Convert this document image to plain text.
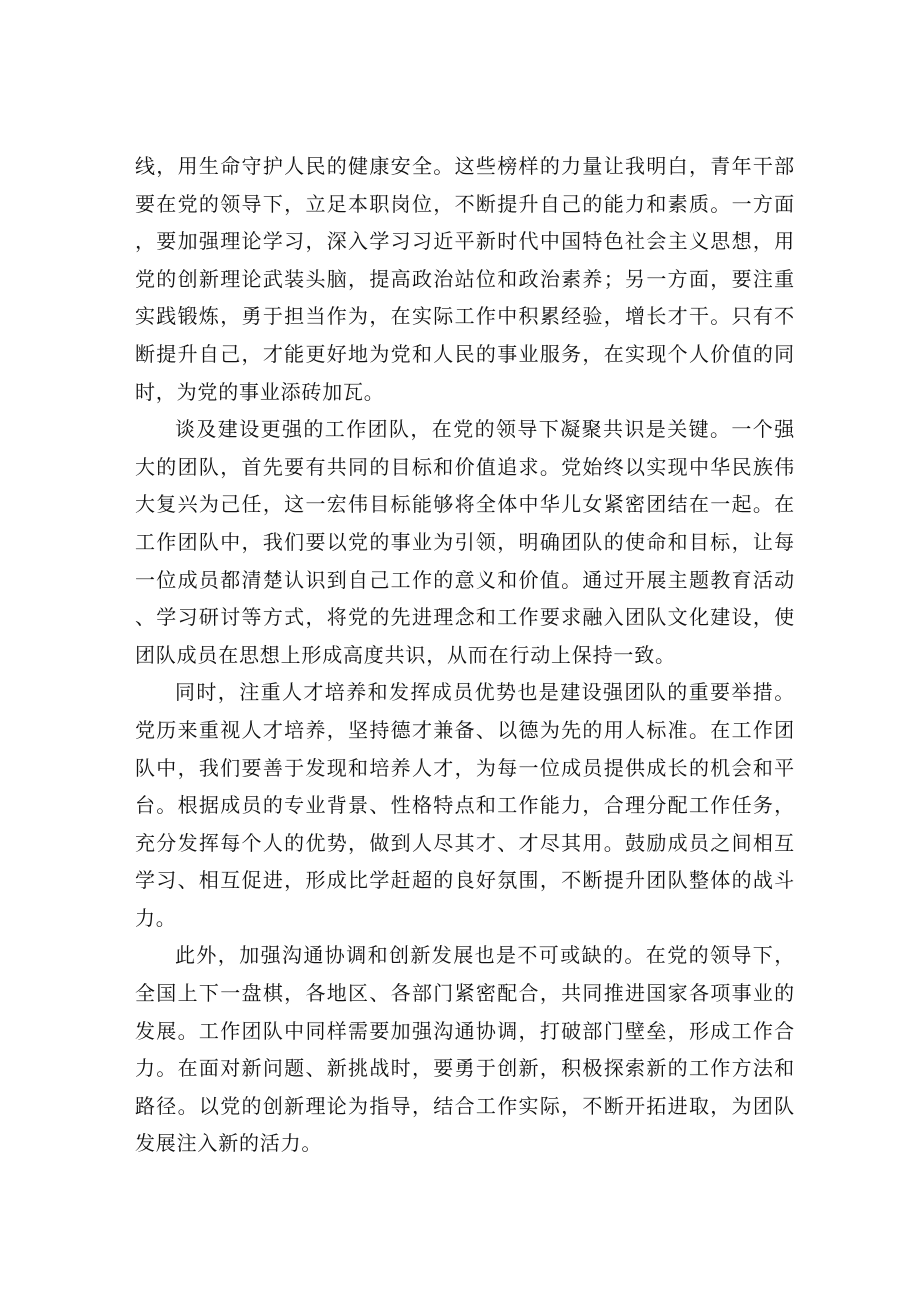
线，用生命守护人民的健康安全。这些榜样的力量让我明白，青年干部要在党的领导下，立足本职岗位，不断提升自己的能力和素质。一方面，要加强理论学习，深入学习习近平新时代中国特色社会主义思想，用党的创新理论武装头脑，提高政治站位和政治素养；另一方面，要注重实践锻炼，勇于担当作为，在实际工作中积累经验，增长才干。只有不断提升自己，才能更好地为党和人民的事业服务，在实现个人价值的同时，为党的事业添砖加瓦。

谈及建设更强的工作团队，在党的领导下凝聚共识是关键。一个强大的团队，首先要有共同的目标和价值追求。党始终以实现中华民族伟大复兴为己任，这一宏伟目标能够将全体中华儿女紧密团结在一起。在工作团队中，我们要以党的事业为引领，明确团队的使命和目标，让每一位成员都清楚认识到自己工作的意义和价值。通过开展主题教育活动、学习研讨等方式，将党的先进理念和工作要求融入团队文化建设，使团队成员在思想上形成高度共识，从而在行动上保持一致。

同时，注重人才培养和发挥成员优势也是建设强团队的重要举措。党历来重视人才培养，坚持德才兼备、以德为先的用人标准。在工作团队中，我们要善于发现和培养人才，为每一位成员提供成长的机会和平台。根据成员的专业背景、性格特点和工作能力，合理分配工作任务，充分发挥每个人的优势，做到人尽其才、才尽其用。鼓励成员之间相互学习、相互促进，形成比学赶超的良好氛围，不断提升团队整体的战斗力。

此外，加强沟通协调和创新发展也是不可或缺的。在党的领导下，全国上下一盘棋，各地区、各部门紧密配合，共同推进国家各项事业的发展。工作团队中同样需要加强沟通协调，打破部门壁垒，形成工作合力。在面对新问题、新挑战时，要勇于创新，积极探索新的工作方法和路径。以党的创新理论为指导，结合工作实际，不断开拓进取，为团队发展注入新的活力。
